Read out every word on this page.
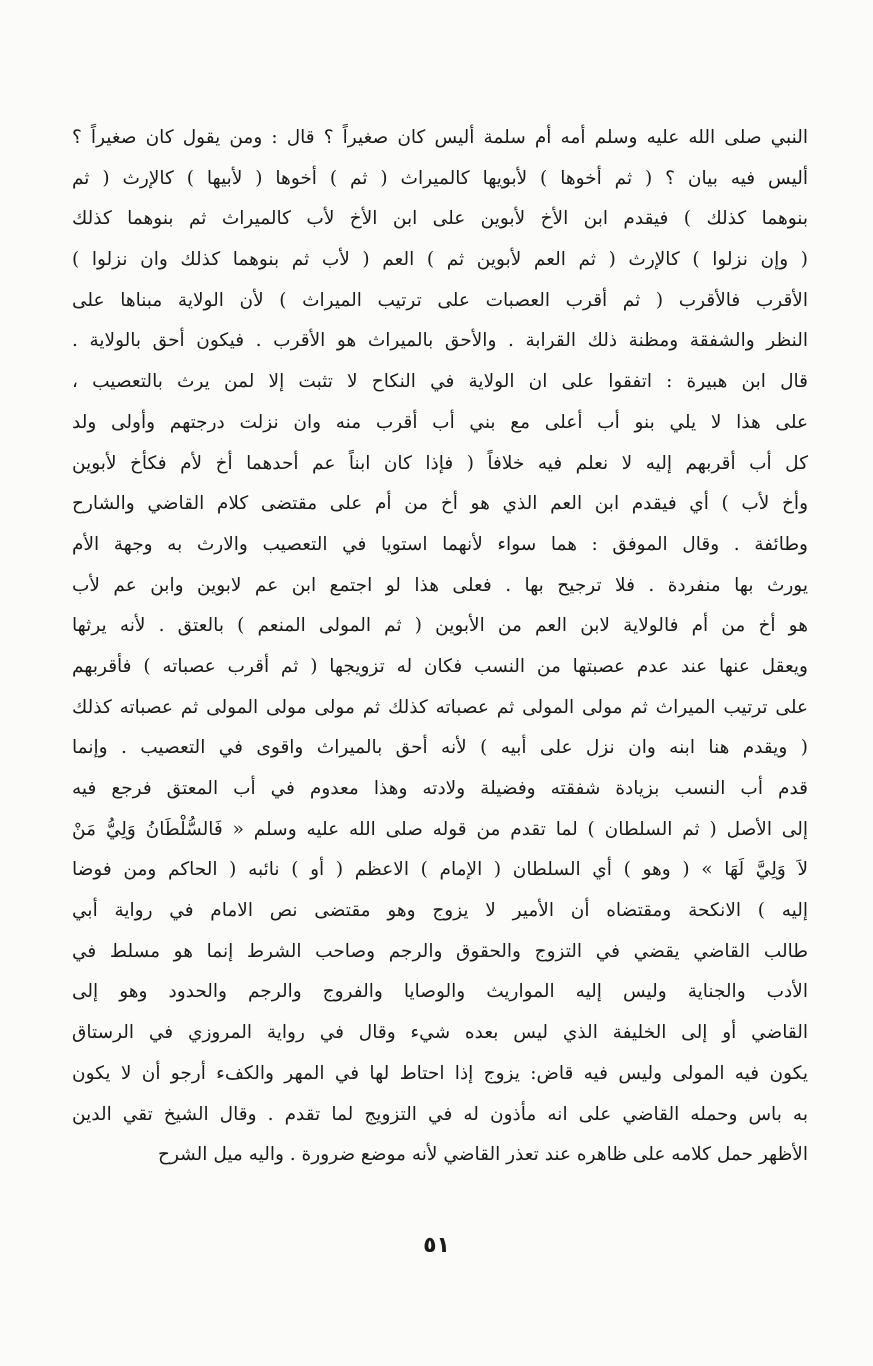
النبي صلى الله عليه وسلم أمه أم سلمة أليس كان صغيراً ؟ قال : ومن يقول كان صغيراً ؟
أليس فيه بيان ؟ ( ثم أخوها ) لأبويها كالميراث ( ثم ) أخوها ( لأبيها ) كالإرث ( ثم
بنوهما كذلك ) فيقدم ابن الأخ لأبوين على ابن الأخ لأب كالميراث ثم بنوهما كذلك
( وإن نزلوا ) كالإرث ( ثم العم لأبوين ثم ) العم ( لأب ثم بنوهما كذلك وان نزلوا )
الأقرب فالأقرب ( ثم أقرب العصبات على ترتيب الميراث ) لأن الولاية مبناها على
النظر والشفقة ومظنة ذلك القرابة . والأحق بالميراث هو الأقرب . فيكون أحق بالولاية .
قال ابن هبيرة : اتفقوا على ان الولاية في النكاح لا تثبت إلا لمن يرث بالتعصيب ،
على هذا لا يلي بنو أب أعلى مع بني أب أقرب منه وان نزلت درجتهم وأولى ولد
كل أب أقربهم إليه لا نعلم فيه خلافاً ( فإذا كان ابناً عم أحدهما أخ لأم فكأخ لأبوين
وأخ لأب ) أي فيقدم ابن العم الذي هو أخ من أم على مقتضى كلام القاضي والشارح
وطائفة . وقال الموفق : هما سواء لأنهما استويا في التعصيب والارث به وجهة الأم
يورث بها منفردة . فلا ترجيح بها . فعلى هذا لو اجتمع ابن عم لابوين وابن عم لأب
هو أخ من أم فالولاية لابن العم من الأبوين ( ثم المولى المنعم ) بالعتق . لأنه يرثها
ويعقل عنها عند عدم عصبتها من النسب فكان له تزويجها ( ثم أقرب عصباته ) فأقربهم
على ترتيب الميراث ثم مولى المولى ثم عصباته كذلك ثم مولى مولى المولى ثم عصباته كذلك
( ويقدم هنا ابنه وان نزل على أبيه ) لأنه أحق بالميراث واقوى في التعصيب . وإنما
قدم أب النسب بزيادة شفقته وفضيلة ولادته وهذا معدوم في أب المعتق فرجع فيه
إلى الأصل ( ثم السلطان ) لما تقدم من قوله صلى الله عليه وسلم « فَالسُّلْطَانُ وَلِيُّ مَنْ
لاَ وَلِيَّ لَهَا » ( وهو ) أي السلطان ( الإمام ) الاعظم ( أو ) نائبه ( الحاكم ومن فوضا
إليه ) الانكحة ومقتضاه أن الأمير لا يزوج وهو مقتضى نص الامام في رواية أبي
طالب القاضي يقضي في التزوج والحقوق والرجم وصاحب الشرط إنما هو مسلط في
الأدب والجناية وليس إليه المواريث والوصايا والفروج والرجم والحدود وهو إلى
القاضي أو إلى الخليفة الذي ليس بعده شيء وقال في رواية المروزي في الرستاق
يكون فيه المولى وليس فيه قاض: يزوج إذا احتاط لها في المهر والكفء أرجو أن لا يكون
به باس وحمله القاضي على انه مأذون له في التزويج لما تقدم . وقال الشيخ تقي الدين
الأظهر حمل كلامه على ظاهره عند تعذر القاضي لأنه موضع ضرورة . واليه ميل الشرح
٥١
